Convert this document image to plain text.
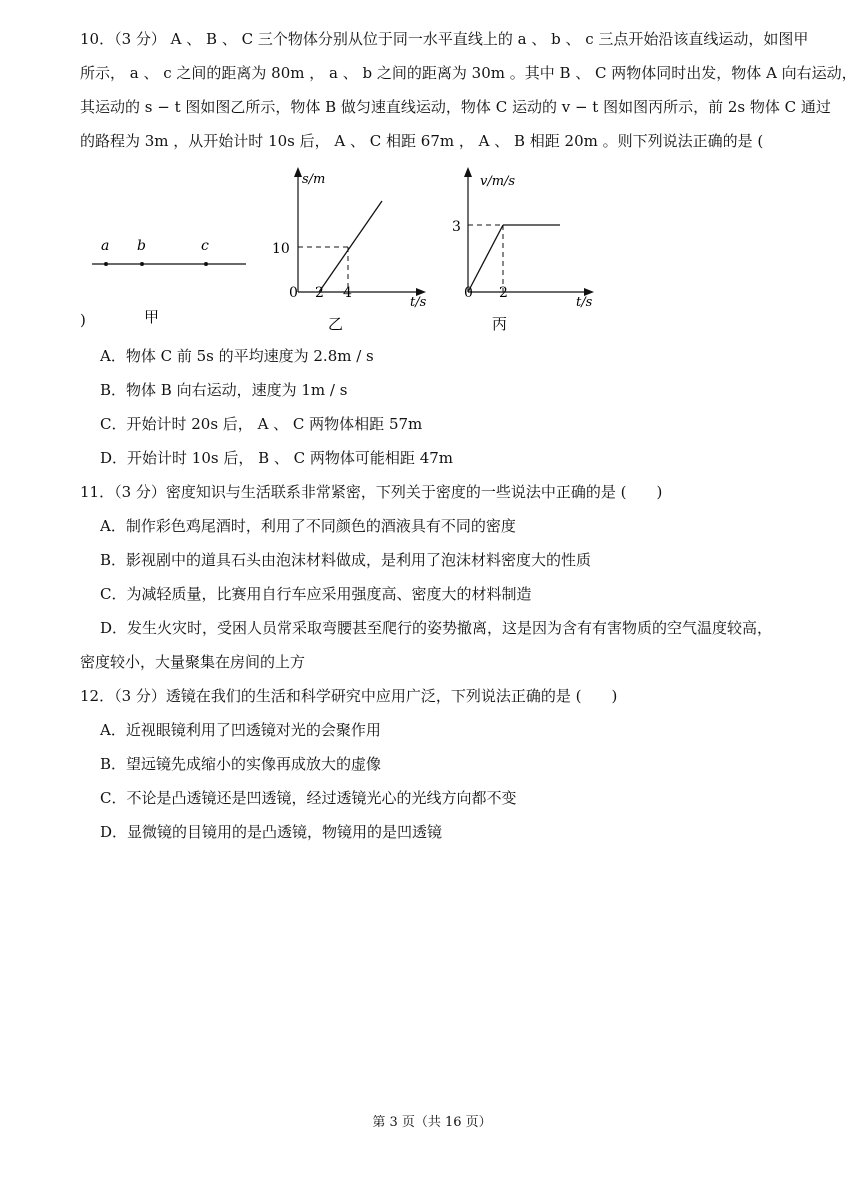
10．（3 分） A 、 B 、 C 三个物体分别从位于同一水平直线上的 a 、 b 、 c 三点开始沿该直线运动，如图甲
所示， a 、 c 之间的距离为 80m ， a 、 b 之间的距离为 30m 。其中 B 、 C 两物体同时出发，物体 A 向右运动，
其运动的 s − t 图如图乙所示，物体 B 做匀速直线运动，物体 C 运动的 v − t 图如图丙所示，前 2s 物体 C 通过
的路程为 3m ，从开始计时 10s 后， A 、 C 相距 67m ， A 、 B 相距 20m 。则下列说法正确的是 (
a b	c
甲
s/m
t/s
10
0 2 4
乙
v/m/s
t/s
3
0 2
丙
)
A．物体 C 前 5s 的平均速度为 2.8m / s
B．物体 B 向右运动，速度为 1m / s
C．开始计时 20s 后， A 、 C 两物体相距 57m
D．开始计时 10s 后， B 、 C 两物体可能相距 47m
11．（3 分）密度知识与生活联系非常紧密，下列关于密度的一些说法中正确的是 (　　)
A．制作彩色鸡尾酒时，利用了不同颜色的酒液具有不同的密度
B．影视剧中的道具石头由泡沫材料做成，是利用了泡沫材料密度大的性质
C．为减轻质量，比赛用自行车应采用强度高、密度大的材料制造
D．发生火灾时，受困人员常采取弯腰甚至爬行的姿势撤离，这是因为含有有害物质的空气温度较高，
密度较小，大量聚集在房间的上方
12．（3 分）透镜在我们的生活和科学研究中应用广泛，下列说法正确的是 (　　)
A．近视眼镜利用了凹透镜对光的会聚作用
B．望远镜先成缩小的实像再成放大的虚像
C．不论是凸透镜还是凹透镜，经过透镜光心的光线方向都不变
D．显微镜的目镜用的是凸透镜，物镜用的是凹透镜
第 3 页（共 16 页）
